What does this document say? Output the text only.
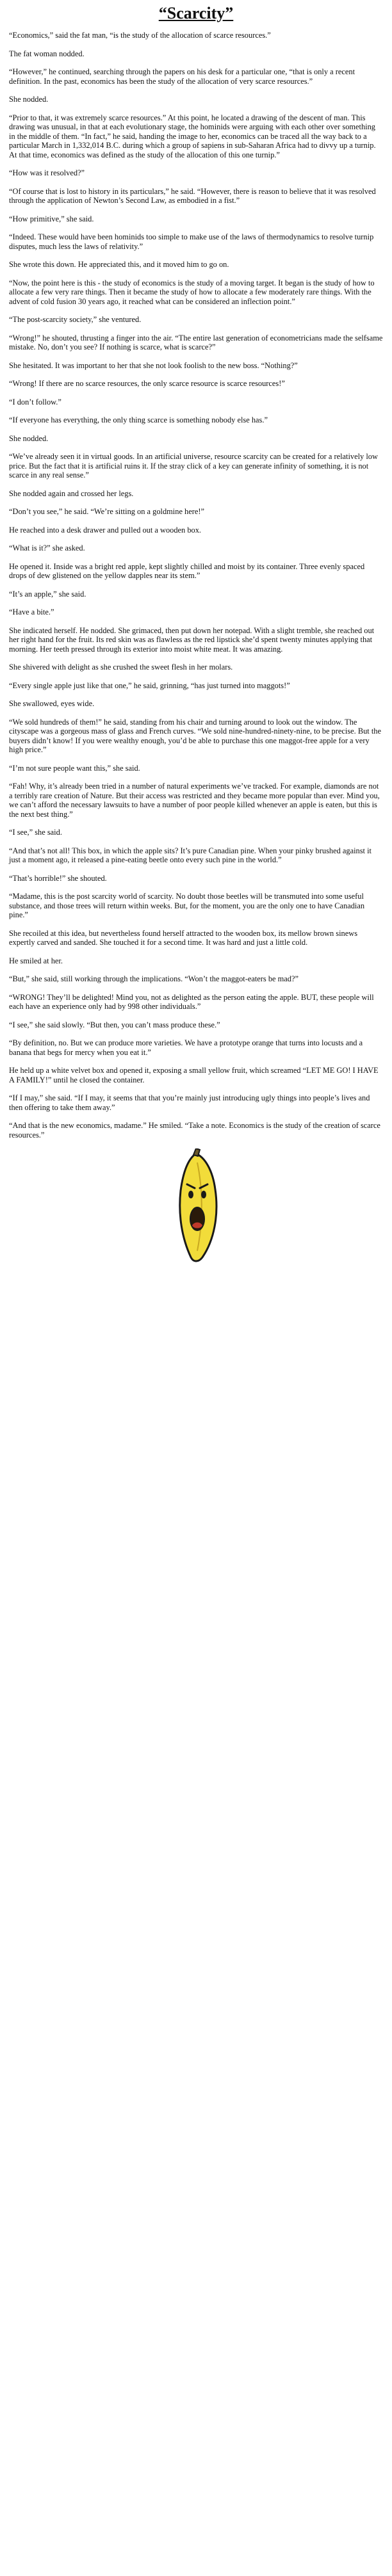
“Scarcity”

“Economics,” said the fat man, “is the study of the allocation of scarce resources.”

The fat woman nodded.

“However,” he continued, searching through the papers on his desk for a particular one, “that is only a recent definition. In the past, economics has been the study of the allocation of very scarce resources.”

She nodded.

“Prior to that, it was extremely scarce resources.” At this point, he located a drawing of the descent of man. This drawing was unusual, in that at each evolutionary stage, the hominids were arguing with each other over something in the middle of them. “In fact,” he said, handing the image to her, economics can be traced all the way back to a particular March in 1,332,014 B.C. during which a group of sapiens in sub-Saharan Africa had to divvy up a turnip. At that time, economics was defined as the study of the allocation of this one turnip.”

“How was it resolved?”

“Of course that is lost to history in its particulars,” he said. “However, there is reason to believe that it was resolved through the application of Newton’s Second Law, as embodied in a fist.”

“How primitive,” she said.

“Indeed. These would have been hominids too simple to make use of the laws of thermodynamics to resolve turnip disputes, much less the laws of relativity.”

She wrote this down. He appreciated this, and it moved him to go on.

“Now, the point here is this - the study of economics is the study of a moving target. It began is the study of how to allocate a few very rare things. Then it became the study of how to allocate a few moderately rare things. With the advent of cold fusion 30 years ago, it reached what can be considered an inflection point.”

“The post-scarcity society,” she ventured.

“Wrong!” he shouted, thrusting a finger into the air. “The entire last generation of econometricians made the selfsame mistake. No, don’t you see? If nothing is scarce, what is scarce?”

She hesitated. It was important to her that she not look foolish to the new boss. “Nothing?”

“Wrong! If there are no scarce resources, the only scarce resource is scarce resources!”

“I don’t follow.”

“If everyone has everything, the only thing scarce is something nobody else has.”

She nodded.

“We’ve already seen it in virtual goods. In an artificial universe, resource scarcity can be created for a relatively low price. But the fact that it is artificial ruins it. If the stray click of a key can generate infinity of something, it is not scarce in any real sense.”

She nodded again and crossed her legs.

“Don’t you see,” he said. “We’re sitting on a goldmine here!”

He reached into a desk drawer and pulled out a wooden box.

“What is it?” she asked.

He opened it. Inside was a bright red apple, kept slightly chilled and moist by its container. Three evenly spaced drops of dew glistened on the yellow dapples near its stem.”

“It’s an apple,” she said.

“Have a bite.”

She indicated herself. He nodded. She grimaced, then put down her notepad. With a slight tremble, she reached out her right hand for the fruit. Its red skin was as flawless as the red lipstick she’d spent twenty minutes applying that morning. Her teeth pressed through its exterior into moist white meat. It was amazing.

She shivered with delight as she crushed the sweet flesh in her molars.

“Every single apple just like that one,” he said, grinning, “has just turned into maggots!”

She swallowed, eyes wide.

“We sold hundreds of them!” he said, standing from his chair and turning around to look out the window. The cityscape was a gorgeous mass of glass and French curves. “We sold nine-hundred-ninety-nine, to be precise. But the buyers didn’t know! If you were wealthy enough, you’d be able to purchase this one maggot-free apple for a very high price.”

“I’m not sure people want this,” she said.

“Fah! Why, it’s already been tried in a number of natural experiments we’ve tracked. For example, diamonds are not a terribly rare creation of Nature. But their access was restricted and they became more popular than ever. Mind you, we can’t afford the necessary lawsuits to have a number of poor people killed whenever an apple is eaten, but this is the next best thing.”

“I see,” she said.

“And that’s not all! This box, in which the apple sits? It’s pure Canadian pine. When your pinky brushed against it just a moment ago, it released a pine-eating beetle onto every such pine in the world.”

“That’s horrible!” she shouted.

“Madame, this is the post scarcity world of scarcity. No doubt those beetles will be transmuted into some useful substance, and those trees will return within weeks. But, for the moment, you are the only one to have Canadian pine.”

She recoiled at this idea, but nevertheless found herself attracted to the wooden box, its mellow brown sinews expertly carved and sanded. She touched it for a second time. It was hard and just a little cold.

He smiled at her.

“But,” she said, still working through the implications. “Won’t the maggot-eaters be mad?”

“WRONG! They’ll be delighted! Mind you, not as delighted as the person eating the apple. BUT, these people will each have an experience only had by 998 other individuals.”

“I see,” she said slowly. “But then, you can’t mass produce these.”

“By definition, no. But we can produce more varieties. We have a prototype orange that turns into locusts and a banana that begs for mercy when you eat it.”

He held up a white velvet box and opened it, exposing a small yellow fruit, which screamed “LET ME GO! I HAVE A FAMILY!” until he closed the container.

“If I may,” she said. “If I may, it seems that that you’re mainly just introducing ugly things into people’s lives and then offering to take them away.”

“And that is the new economics, madame.” He smiled. “Take a note. Economics is the study of the creation of scarce resources.”
